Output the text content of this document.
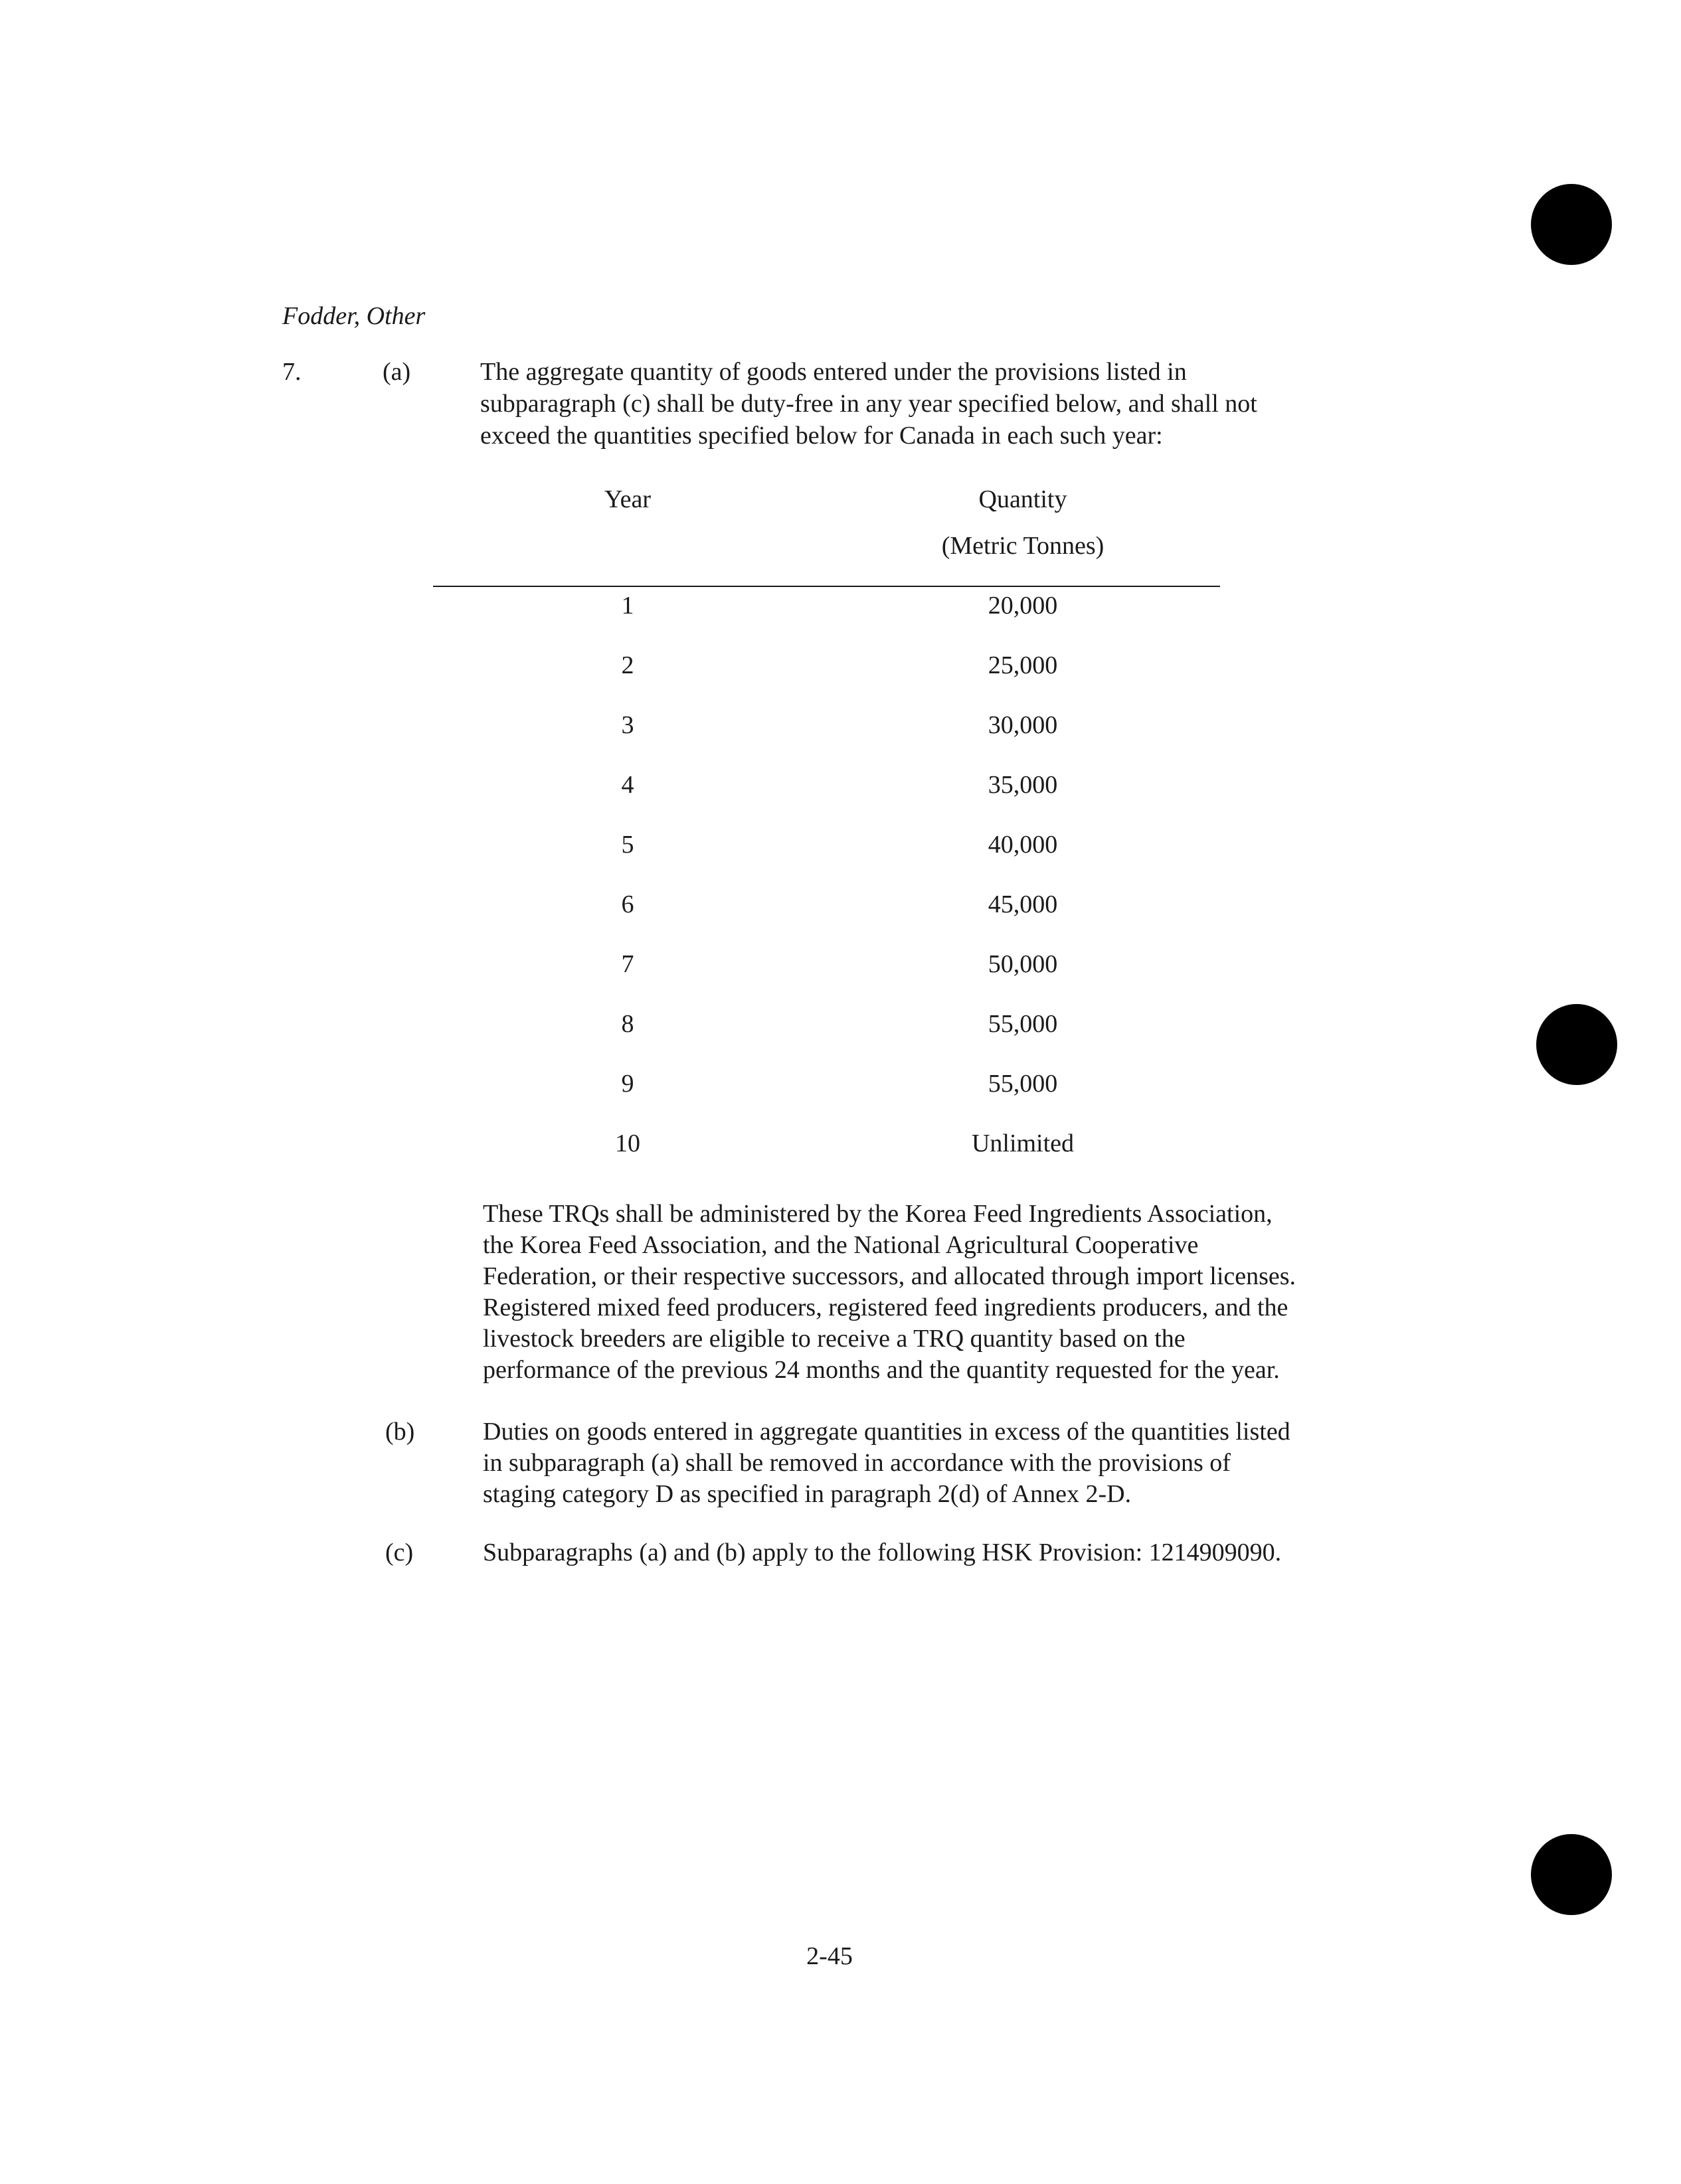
Fodder, Other
7.	(a)	The aggregate quantity of goods entered under the provisions listed in
subparagraph (c) shall be duty-free in any year specified below, and shall not
exceed the quantities specified below for Canada in each such year:
Year	Quantity
(Metric Tonnes)
1	20,000
2	25,000
3	30,000
4	35,000
5	40,000
6	45,000
7	50,000
8	55,000
9	55,000
10	Unlimited
These TRQs shall be administered by the Korea Feed Ingredients Association,
the Korea Feed Association, and the National Agricultural Cooperative
Federation, or their respective successors, and allocated through import licenses.
Registered mixed feed producers, registered feed ingredients producers, and the
livestock breeders are eligible to receive a TRQ quantity based on the
performance of the previous 24 months and the quantity requested for the year.
(b)	Duties on goods entered in aggregate quantities in excess of the quantities listed
in subparagraph (a) shall be removed in accordance with the provisions of
staging category D as specified in paragraph 2(d) of Annex 2-D.
(c)	Subparagraphs (a) and (b) apply to the following HSK Provision: 1214909090.
2-45
